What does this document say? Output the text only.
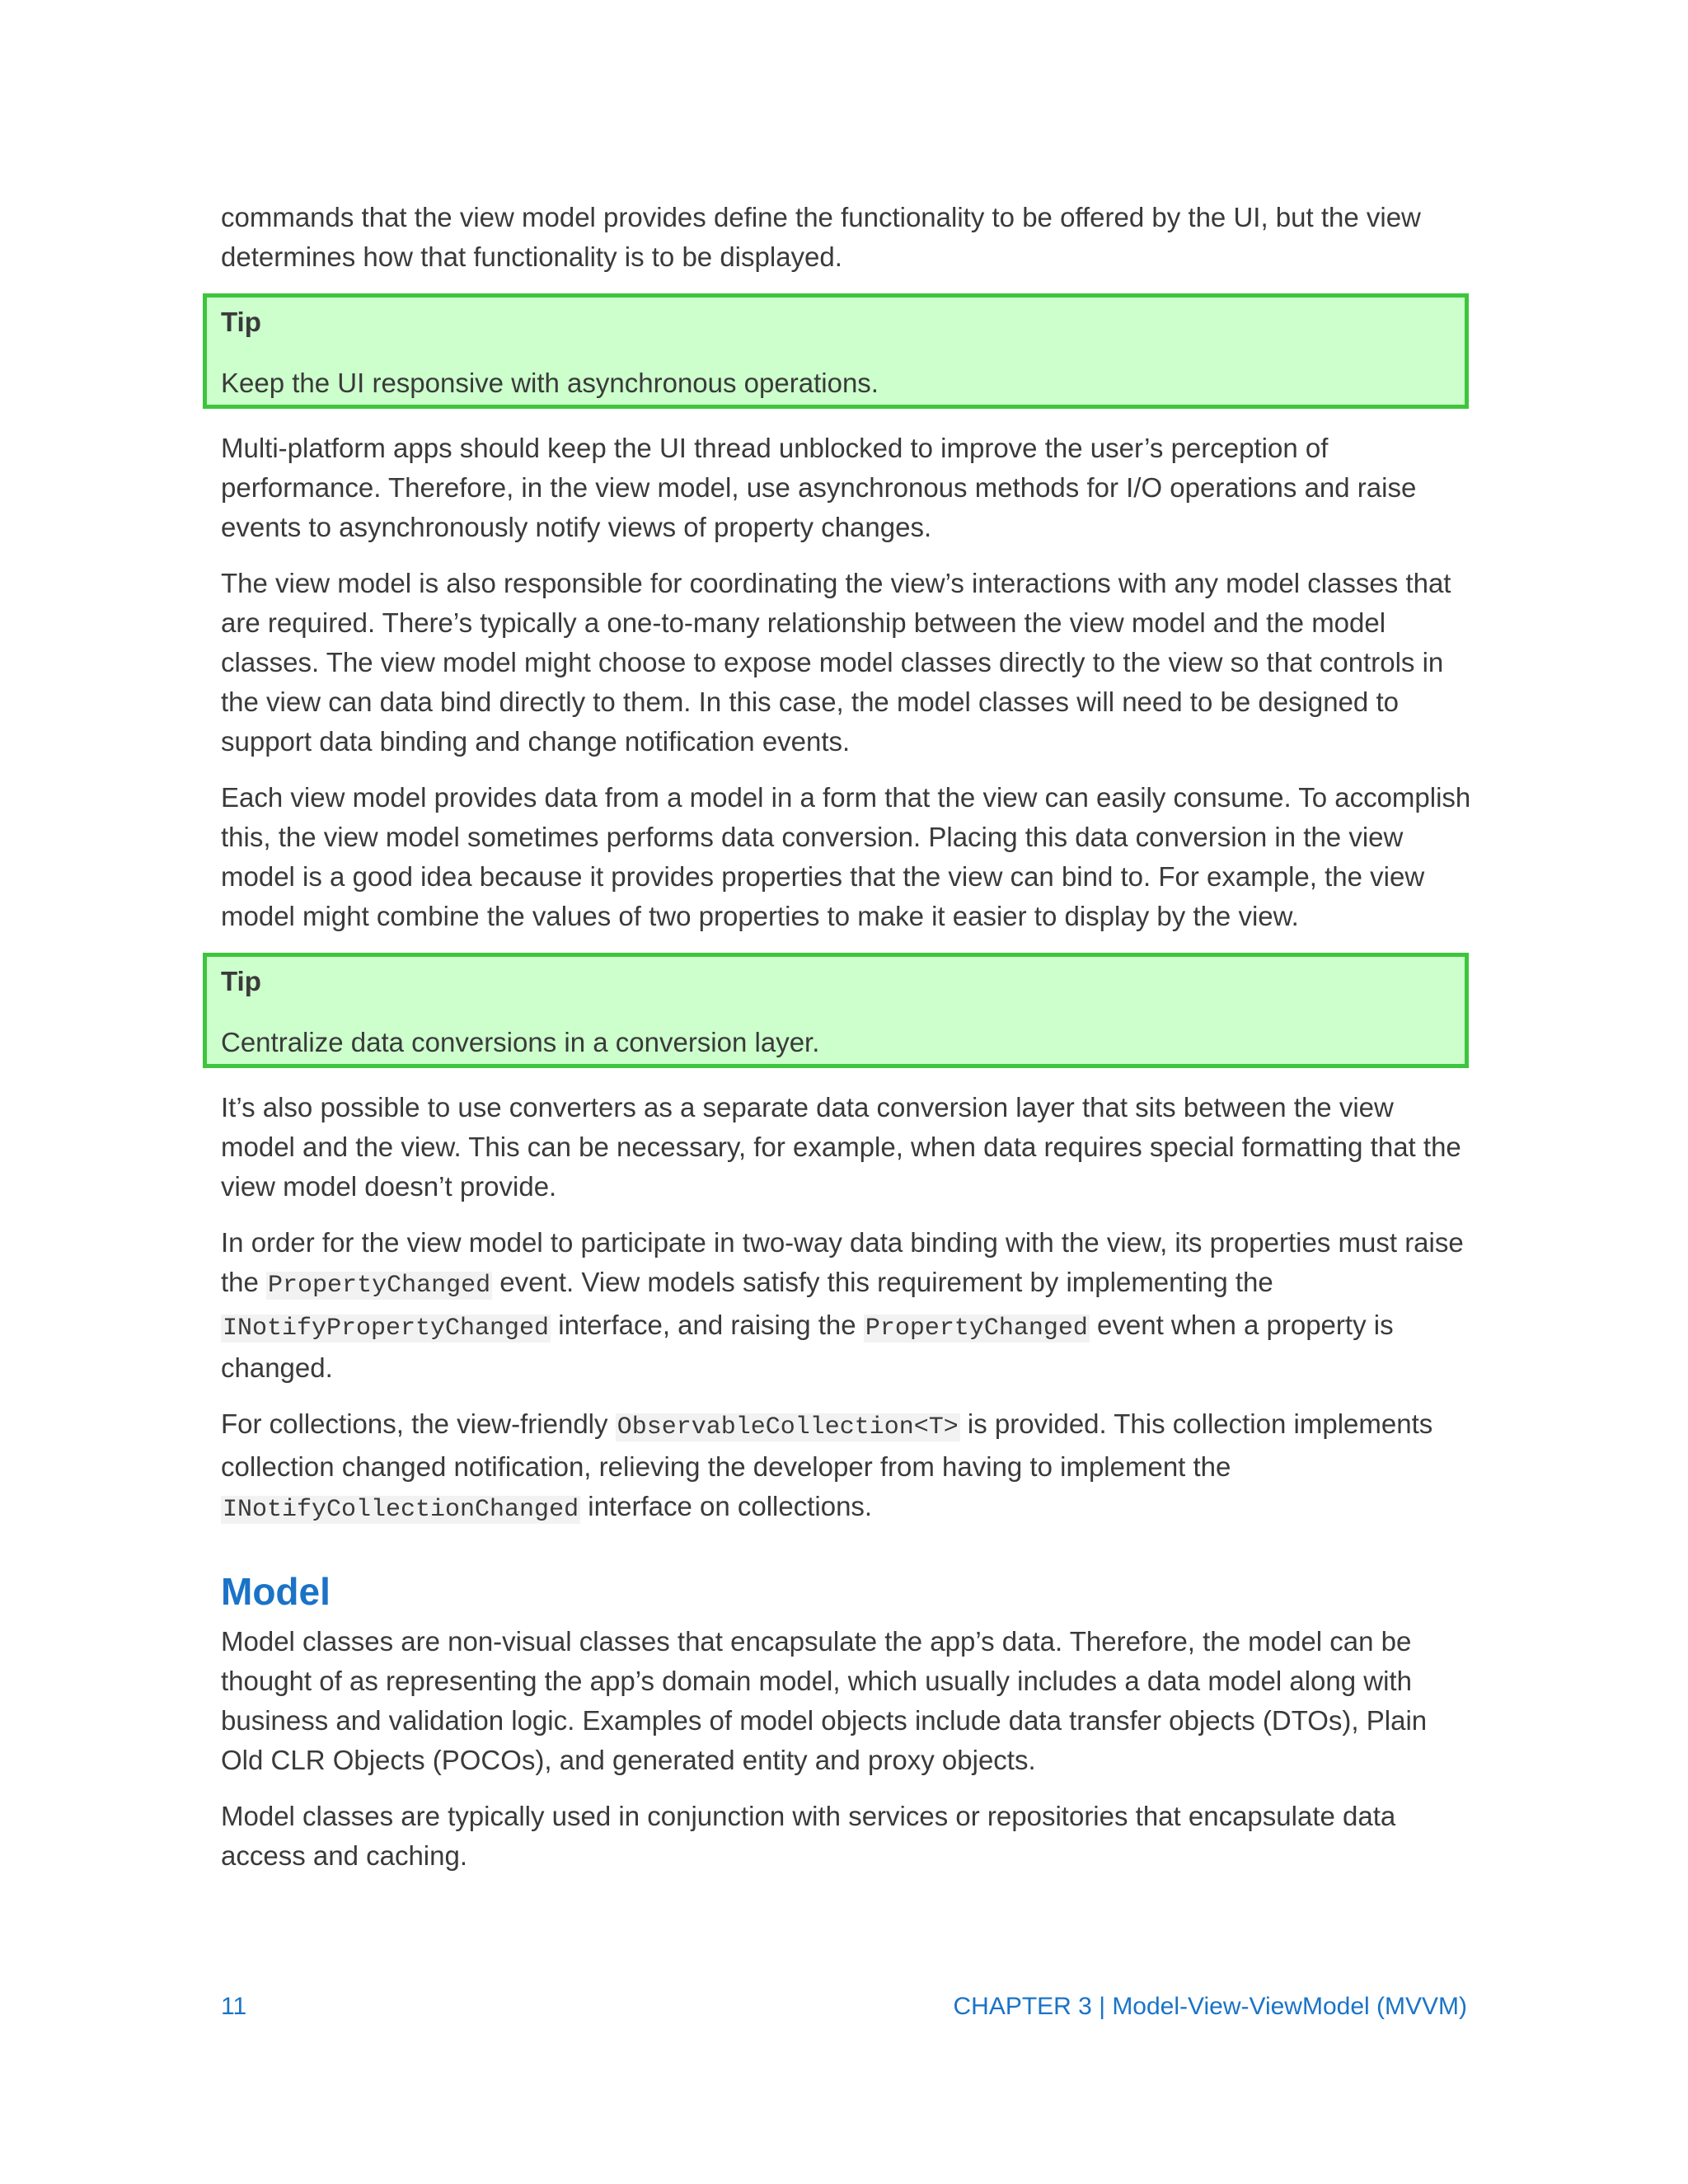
commands that the view model provides define the functionality to be offered by the UI, but the view determines how that functionality is to be displayed.

Tip
Keep the UI responsive with asynchronous operations.

Multi-platform apps should keep the UI thread unblocked to improve the user’s perception of performance. Therefore, in the view model, use asynchronous methods for I/O operations and raise events to asynchronously notify views of property changes.

The view model is also responsible for coordinating the view’s interactions with any model classes that are required. There’s typically a one-to-many relationship between the view model and the model classes. The view model might choose to expose model classes directly to the view so that controls in the view can data bind directly to them. In this case, the model classes will need to be designed to support data binding and change notification events.

Each view model provides data from a model in a form that the view can easily consume. To accomplish this, the view model sometimes performs data conversion. Placing this data conversion in the view model is a good idea because it provides properties that the view can bind to. For example, the view model might combine the values of two properties to make it easier to display by the view.

Tip
Centralize data conversions in a conversion layer.

It’s also possible to use converters as a separate data conversion layer that sits between the view model and the view. This can be necessary, for example, when data requires special formatting that the view model doesn’t provide.

In order for the view model to participate in two-way data binding with the view, its properties must raise the PropertyChanged event. View models satisfy this requirement by implementing the INotifyPropertyChanged interface, and raising the PropertyChanged event when a property is changed.

For collections, the view-friendly ObservableCollection<T> is provided. This collection implements collection changed notification, relieving the developer from having to implement the INotifyCollectionChanged interface on collections.

Model

Model classes are non-visual classes that encapsulate the app’s data. Therefore, the model can be thought of as representing the app’s domain model, which usually includes a data model along with business and validation logic. Examples of model objects include data transfer objects (DTOs), Plain Old CLR Objects (POCOs), and generated entity and proxy objects.

Model classes are typically used in conjunction with services or repositories that encapsulate data access and caching.

11	CHAPTER 3 | Model-View-ViewModel (MVVM)
